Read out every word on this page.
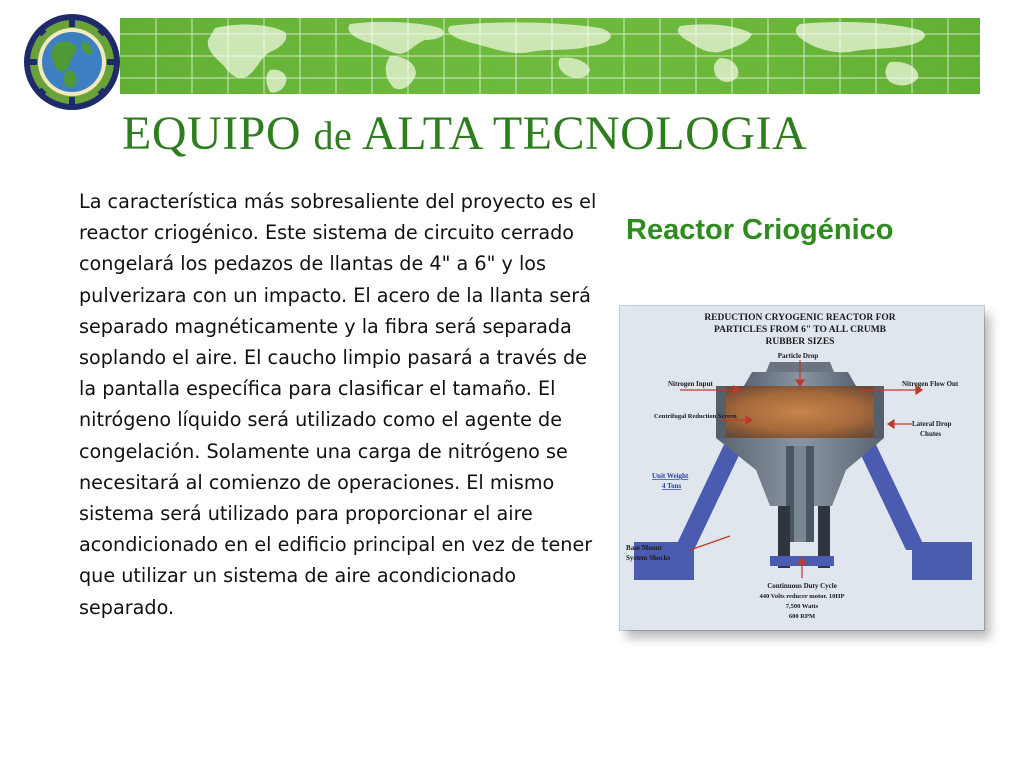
EQUIPO de ALTA TECNOLOGIA

La característica más sobresaliente del proyecto es el reactor criogénico. Este sistema de circuito cerrado congelará los pedazos de llantas de 4" a 6" y los pulverizara con un impacto. El acero de la llanta será separado magnéticamente y la fibra será separada soplando el aire. El caucho limpio pasará a través de la pantalla específica para clasificar el tamaño. El nitrógeno líquido será utilizado como el agente de congelación. Solamente una carga de nitrógeno se necesitará al comienzo de operaciones. El mismo sistema será utilizado para proporcionar el aire acondicionado en el edificio principal en vez de tener que utilizar un sistema de aire acondicionado separado.

Reactor Criogénico
REDUCTION CRYOGENIC REACTOR FOR
PARTICLES FROM 6" TO ALL CRUMB
RUBBER SIZES
Particle Drop
Nitrogen Input	Nitrogen Flow Out
Centrifugal Reduction Screen
Lateral Drop
Chutes
Unit Weight
4 Tons
Base Mount
System Shocks
Continuous Duty Cycle
440 Volts reducer motor. 10HP
7,500 Watts
600 RPM
